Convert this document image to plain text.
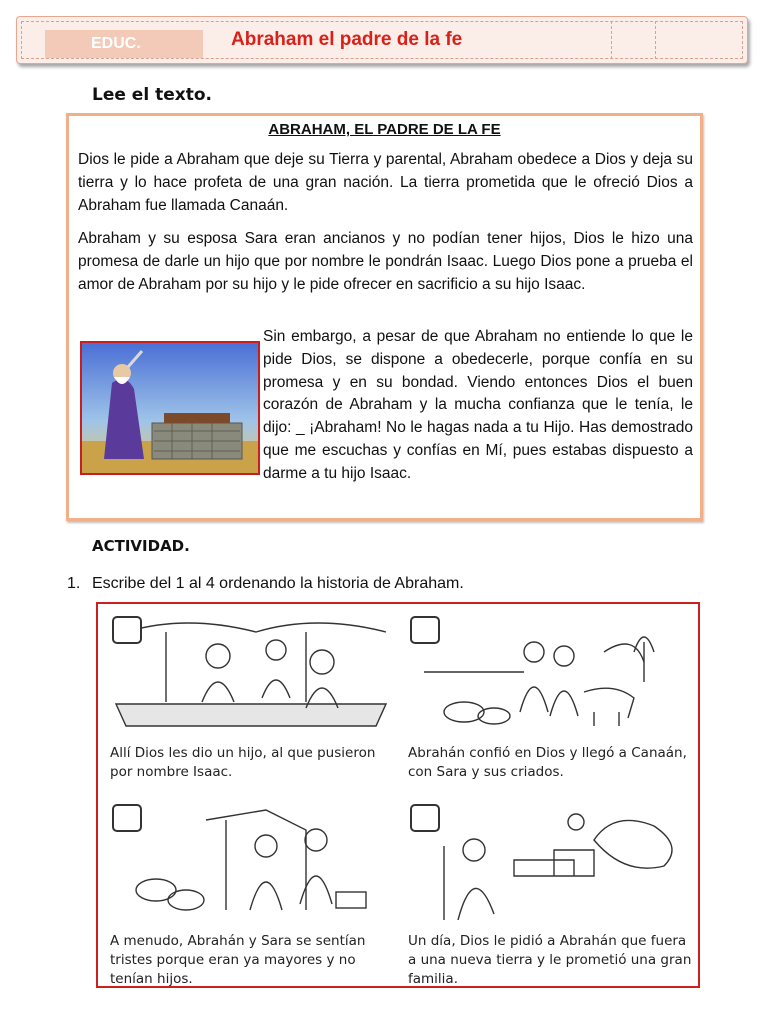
EDUC.	Abraham el padre de la fe
Lee el texto.
ABRAHAM, EL PADRE DE LA FE

Dios le pide a Abraham que deje su Tierra y parental, Abraham obedece a Dios y deja su tierra y lo hace profeta de una gran nación. La tierra prometida que le ofreció Dios a Abraham fue llamada Canaán.

Abraham y su esposa Sara eran ancianos y no podían tener hijos, Dios le hizo una promesa de darle un hijo que por nombre le pondrán Isaac. Luego Dios pone a prueba el amor de Abraham por su hijo y le pide ofrecer en sacrificio a su hijo Isaac.

Sin embargo, a pesar de que Abraham no entiende lo que le pide Dios, se dispone a obedecerle, porque confía en su promesa y en su bondad. Viendo entonces Dios el buen corazón de Abraham y la mucha confianza que le tenía, le dijo: _ ¡Abraham! No le hagas nada a tu Hijo. Has demostrado que me escuchas y confías en Mí, pues estabas dispuesto a darme a tu hijo Isaac.

ACTIVIDAD.
1. Escribe del 1 al 4 ordenando la historia de Abraham.
Allí Dios les dio un hijo, al que pusieron por nombre Isaac.
Abrahán confió en Dios y llegó a Canaán, con Sara y sus criados.
A menudo, Abrahán y Sara se sentían tristes porque eran ya mayores y no tenían hijos.
Un día, Dios le pidió a Abrahán que fuera a una nueva tierra y le prometió una gran familia.
